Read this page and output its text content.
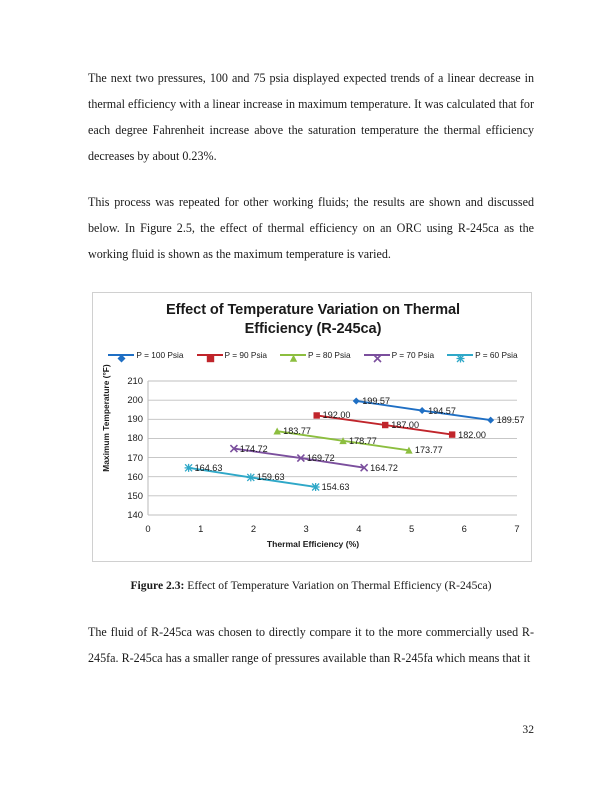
The next two pressures, 100 and 75 psia displayed expected trends of a linear decrease in thermal efficiency with a linear increase in maximum temperature. It was calculated that for each degree Fahrenheit increase above the saturation temperature the thermal efficiency decreases by about 0.23%.
This process was repeated for other working fluids; the results are shown and discussed below. In Figure 2.5, the effect of thermal efficiency on an ORC using R-245ca as the working fluid is shown as the maximum temperature is varied.
Effect of Temperature Variation on Thermal
Efficiency (R-245ca)
P = 100 Psia	P = 90 Psia	P = 80 Psia	P = 70 Psia	P = 60 Psia
Maximum Temperature (°F)
Thermal Efficiency (%)
199.57
194.57
189.57
192.00
187.00
182.00
183.77
178.77
173.77
174.72
169.72
164.72
164.63
159.63
154.63
140
150
160
170
180
190
200
210
0	1	2	3	4	5	6	7
Figure 2.3: Effect of Temperature Variation on Thermal Efficiency (R-245ca)
The fluid of R-245ca was chosen to directly compare it to the more commercially used R-245fa. R-245ca has a smaller range of pressures available than R-245fa which means that it
32
